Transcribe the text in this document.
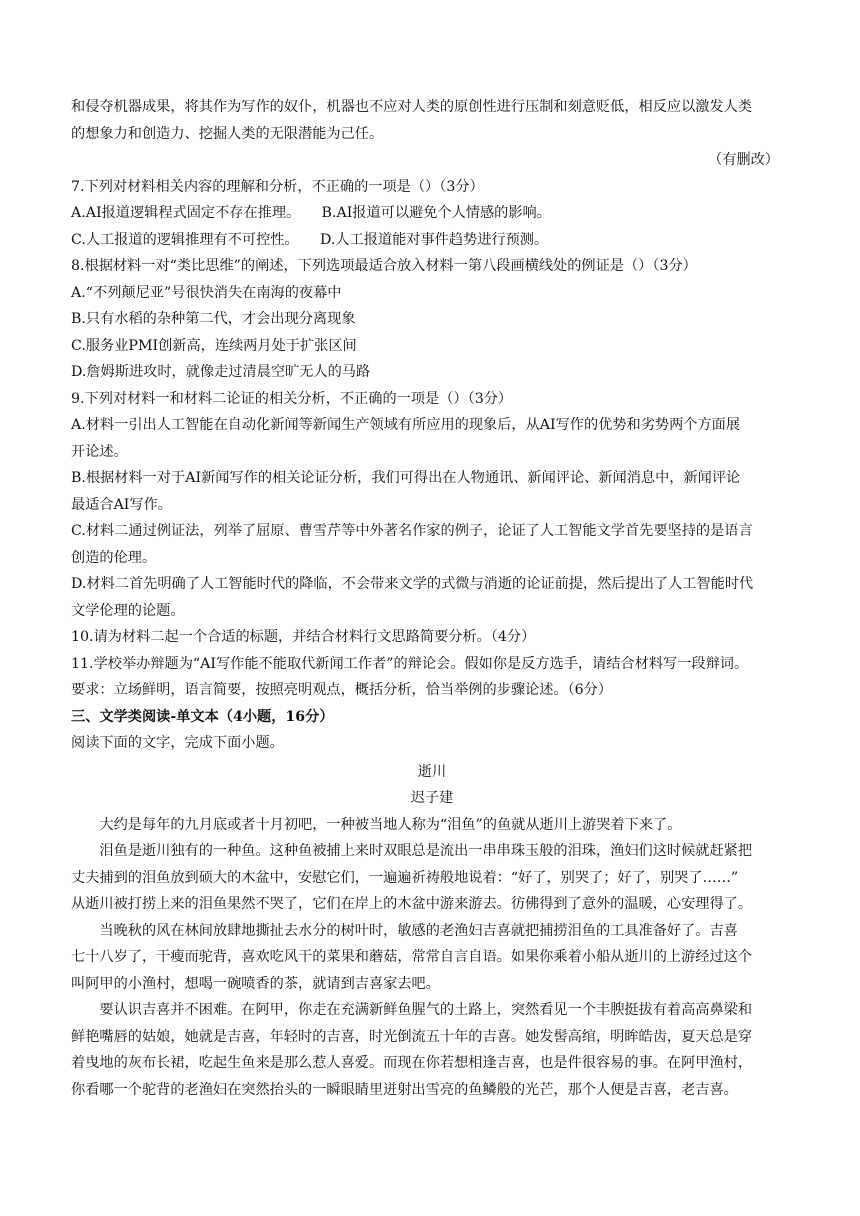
和侵夺机器成果，将其作为写作的奴仆，机器也不应对人类的原创性进行压制和刻意贬低，相反应以激发人类

的想象力和创造力、挖掘人类的无限潜能为己任。

（有删改）

7.下列对材料相关内容的理解和分析，不正确的一项是（）（3分）

A.AI报道逻辑程式固定不存在推理。　　B.AI报道可以避免个人情感的影响。

C.人工报道的逻辑推理有不可控性。　　D.人工报道能对事件趋势进行预测。

8.根据材料一对“类比思维”的阐述，下列选项最适合放入材料一第八段画横线处的例证是（）（3分）

A.“不列颠尼亚”号很快消失在南海的夜幕中

B.只有水稻的杂种第二代，才会出现分离现象

C.服务业PMI创新高，连续两月处于扩张区间

D.詹姆斯进攻时，就像走过清晨空旷无人的马路

9.下列对材料一和材料二论证的相关分析，不正确的一项是（）（3分）

A.材料一引出人工智能在自动化新闻等新闻生产领域有所应用的现象后，从AI写作的优势和劣势两个方面展

开论述。

B.根据材料一对于AI新闻写作的相关论证分析，我们可得出在人物通讯、新闻评论、新闻消息中，新闻评论

最适合AI写作。

C.材料二通过例证法，列举了屈原、曹雪芹等中外著名作家的例子，论证了人工智能文学首先要坚持的是语言

创造的伦理。

D.材料二首先明确了人工智能时代的降临，不会带来文学的式微与消逝的论证前提，然后提出了人工智能时代

文学伦理的论题。

10.请为材料二起一个合适的标题，并结合材料行文思路简要分析。（4分）

11.学校举办辩题为“AI写作能不能取代新闻工作者”的辩论会。假如你是反方选手，请结合材料写一段辩词。

要求：立场鲜明，语言简要，按照亮明观点，概括分析，恰当举例的步骤论述。（6分）

三、文学类阅读-单文本（4小题，16分）

阅读下面的文字，完成下面小题。

逝川

迟子建

大约是每年的九月底或者十月初吧，一种被当地人称为“泪鱼”的鱼就从逝川上游哭着下来了。

泪鱼是逝川独有的一种鱼。这种鱼被捕上来时双眼总是流出一串串珠玉般的泪珠，渔妇们这时候就赶紧把

丈夫捕到的泪鱼放到硕大的木盆中，安慰它们，一遍遍祈祷般地说着：“好了，别哭了；好了，别哭了……”

从逝川被打捞上来的泪鱼果然不哭了，它们在岸上的木盆中游来游去。彷佛得到了意外的温暖，心安理得了。

当晚秋的风在林间放肆地撕扯去水分的树叶时，敏感的老渔妇吉喜就把捕捞泪鱼的工具准备好了。吉喜

七十八岁了，干瘦而驼背，喜欢吃风干的菜果和蘑菇，常常自言自语。如果你乘着小船从逝川的上游经过这个

叫阿甲的小渔村，想喝一碗喷香的茶，就请到吉喜家去吧。

要认识吉喜并不困难。在阿甲，你走在充满新鲜鱼腥气的土路上，突然看见一个丰腴挺拔有着高高鼻梁和

鲜艳嘴唇的姑娘，她就是吉喜，年轻时的吉喜，时光倒流五十年的吉喜。她发髻高绾，明眸皓齿，夏天总是穿

着曳地的灰布长裙，吃起生鱼来是那么惹人喜爱。而现在你若想相逢吉喜，也是件很容易的事。在阿甲渔村，

你看哪一个驼背的老渔妇在突然抬头的一瞬眼睛里迸射出雪亮的鱼鳞般的光芒，那个人便是吉喜，老吉喜。
